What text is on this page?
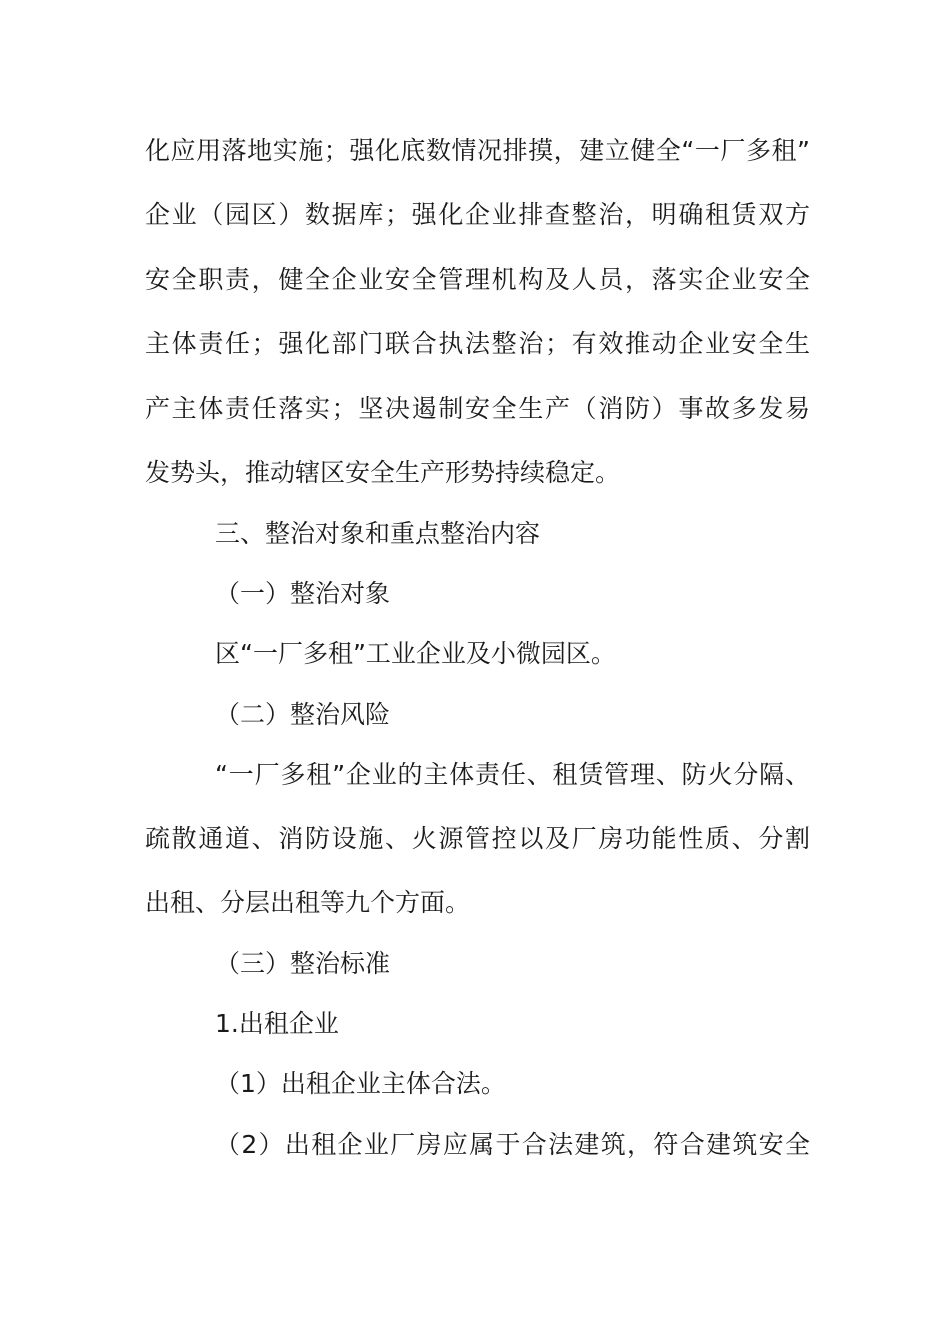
化应用落地实施；强化底数情况排摸，建立健全“一厂多租”
企业（园区）数据库；强化企业排查整治，明确租赁双方
安全职责，健全企业安全管理机构及人员，落实企业安全
主体责任；强化部门联合执法整治；有效推动企业安全生
产主体责任落实；坚决遏制安全生产（消防）事故多发易
发势头，推动辖区安全生产形势持续稳定。
三、整治对象和重点整治内容
（一）整治对象
区“一厂多租”工业企业及小微园区。
（二）整治风险
“一厂多租”企业的主体责任、租赁管理、防火分隔、
疏散通道、消防设施、火源管控以及厂房功能性质、分割
出租、分层出租等九个方面。
（三）整治标准
1.出租企业
（1）出租企业主体合法。
（2）出租企业厂房应属于合法建筑，符合建筑安全
